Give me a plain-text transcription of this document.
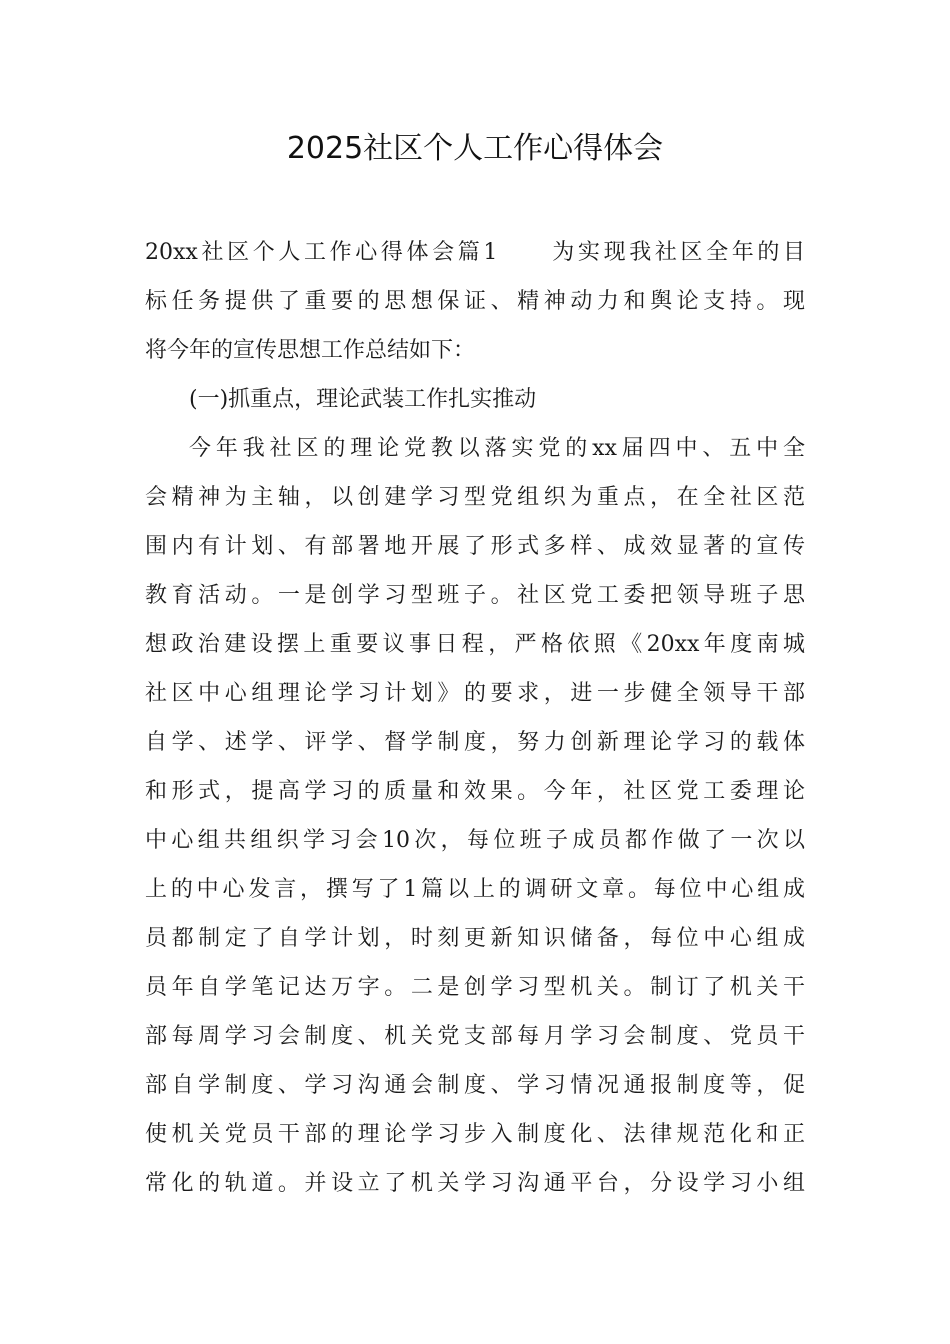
2025社区个人工作心得体会
20xx社区个人工作心得体会篇1　　为实现我社区全年的目
标任务提供了重要的思想保证、精神动力和舆论支持。现
将今年的宣传思想工作总结如下：
(一)抓重点，理论武装工作扎实推动
今年我社区的理论党教以落实党的xx届四中、五中全
会精神为主轴，以创建学习型党组织为重点，在全社区范
围内有计划、有部署地开展了形式多样、成效显著的宣传
教育活动。一是创学习型班子。社区党工委把领导班子思
想政治建设摆上重要议事日程，严格依照《20xx年度南城
社区中心组理论学习计划》的要求，进一步健全领导干部
自学、述学、评学、督学制度，努力创新理论学习的载体
和形式，提高学习的质量和效果。今年，社区党工委理论
中心组共组织学习会10次，每位班子成员都作做了一次以
上的中心发言，撰写了1篇以上的调研文章。每位中心组成
员都制定了自学计划，时刻更新知识储备，每位中心组成
员年自学笔记达万字。二是创学习型机关。制订了机关干
部每周学习会制度、机关党支部每月学习会制度、党员干
部自学制度、学习沟通会制度、学习情况通报制度等，促
使机关党员干部的理论学习步入制度化、法律规范化和正
常化的轨道。并设立了机关学习沟通平台，分设学习小组
